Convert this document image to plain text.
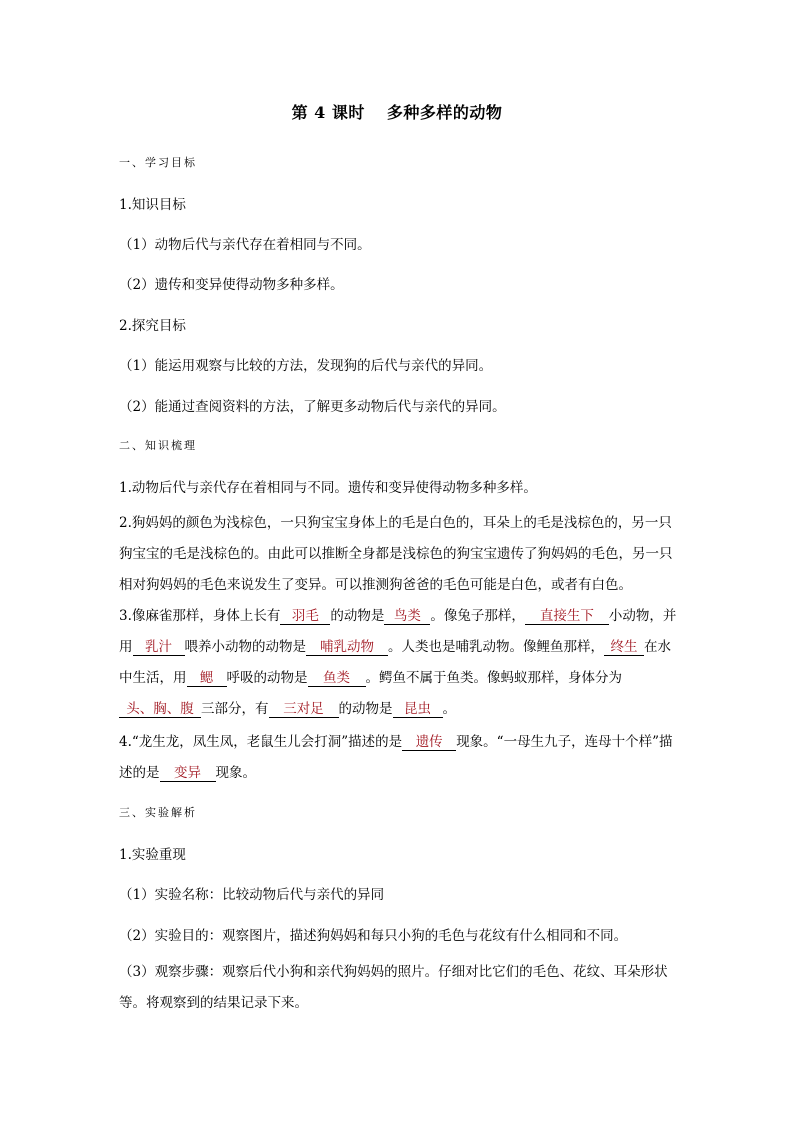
第 4 课时 多种多样的动物
一、学习目标
1.知识目标
（1）动物后代与亲代存在着相同与不同。
（2）遗传和变异使得动物多种多样。
2.探究目标
（1）能运用观察与比较的方法，发现狗的后代与亲代的异同。
（2）能通过查阅资料的方法，了解更多动物后代与亲代的异同。
二、知识梳理
1.动物后代与亲代存在着相同与不同。遗传和变异使得动物多种多样。
2.狗妈妈的颜色为浅棕色，一只狗宝宝身体上的毛是白色的，耳朵上的毛是浅棕色的，另一只狗宝宝的毛是浅棕色的。由此可以推断全身都是浅棕色的狗宝宝遗传了狗妈妈的毛色，另一只相对狗妈妈的毛色来说发生了变异。可以推测狗爸爸的毛色可能是白色，或者有白色。
3.像麻雀那样，身体上长有 羽毛 的动物是 鸟类 。像兔子那样， 直接生下 小动物，并用 乳汁 喂养小动物的动物是 哺乳动物 。人类也是哺乳动物。像鲤鱼那样， 终生 在水中生活，用 鳃 呼吸的动物是 鱼类 。鳄鱼不属于鱼类。像蚂蚁那样，身体分为头、胸、腹 三部分，有 三对足 的动物是 昆虫 。
4.“龙生龙，凤生凤，老鼠生儿会打洞”描述的是 遗传 现象。“一母生九子，连母十个样”描述的是 变异 现象。
三、实验解析
1.实验重现
（1）实验名称：比较动物后代与亲代的异同
（2）实验目的：观察图片，描述狗妈妈和每只小狗的毛色与花纹有什么相同和不同。
（3）观察步骤：观察后代小狗和亲代狗妈妈的照片。仔细对比它们的毛色、花纹、耳朵形状等。将观察到的结果记录下来。
